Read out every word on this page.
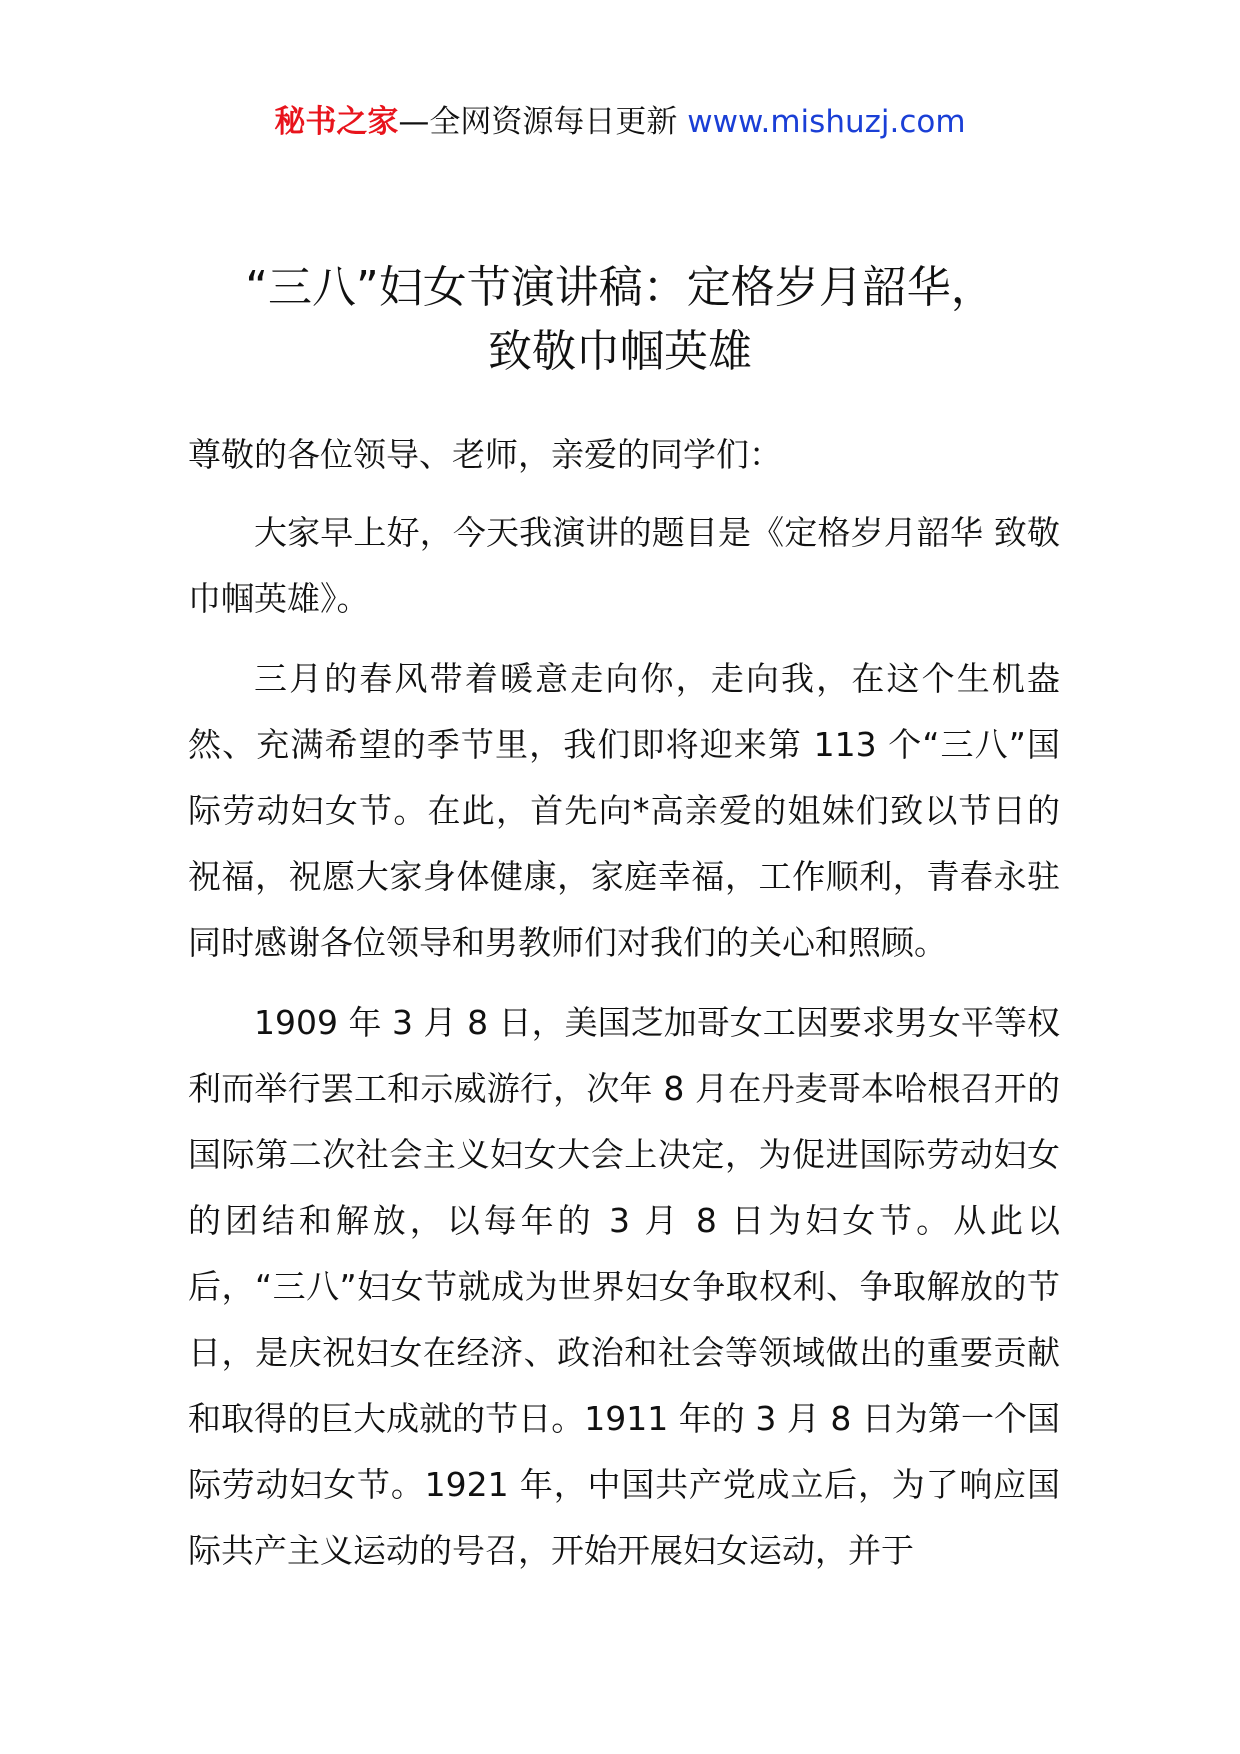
秘书之家—全网资源每日更新 www.mishuzj.com
“三八”妇女节演讲稿：定格岁月韶华，
致敬巾帼英雄

尊敬的各位领导、老师，亲爱的同学们：

大家早上好，今天我演讲的题目是《定格岁月韶华 致敬巾帼英雄》。

三月的春风带着暖意走向你，走向我，在这个生机盎然、充满希望的季节里，我们即将迎来第 113 个“三八”国际劳动妇女节。在此，首先向*高亲爱的姐妹们致以节日的祝福，祝愿大家身体健康，家庭幸福，工作顺利，青春永驻同时感谢各位领导和男教师们对我们的关心和照顾。

1909 年 3 月 8 日，美国芝加哥女工因要求男女平等权利而举行罢工和示威游行，次年 8 月在丹麦哥本哈根召开的国际第二次社会主义妇女大会上决定，为促进国际劳动妇女的团结和解放，以每年的 3 月 8 日为妇女节。从此以后，“三八”妇女节就成为世界妇女争取权利、争取解放的节日，是庆祝妇女在经济、政治和社会等领域做出的重要贡献和取得的巨大成就的节日。1911 年的 3 月 8 日为第一个国际劳动妇女节。1921 年，中国共产党成立后，为了响应国际共产主义运动的号召，开始开展妇女运动，并于
